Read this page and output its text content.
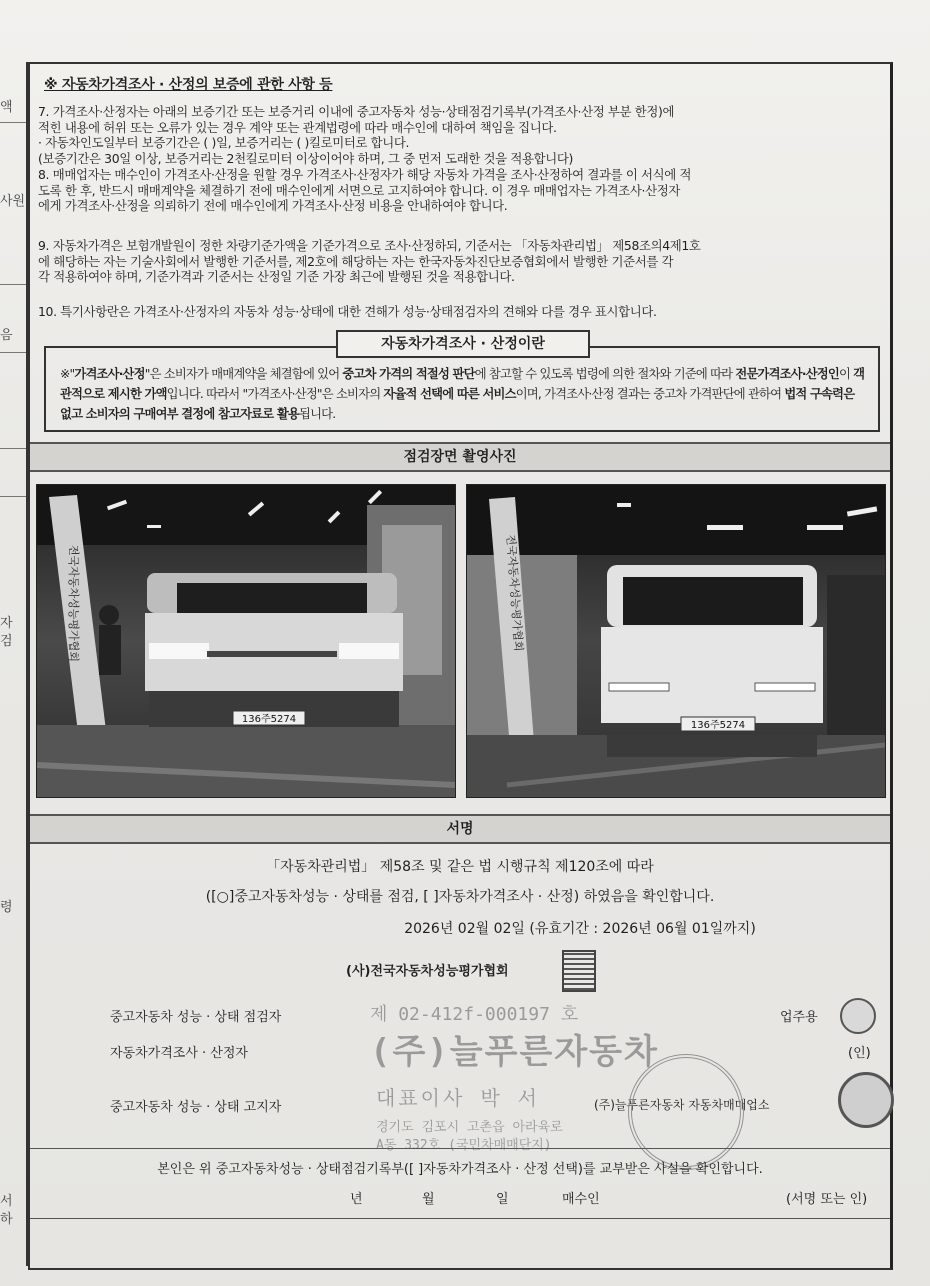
액
사원
음
자
검
령
서
하
※ 자동차가격조사 · 산정의 보증에 관한 사항 등
7. 가격조사·산정자는 아래의 보증기간 또는 보증거리 이내에 중고자동차 성능·상태점검기록부(가격조사·산정 부분 한정)에
적힌 내용에 허위 또는 오류가 있는 경우 계약 또는 관계법령에 따라 매수인에 대하여 책임을 집니다.
· 자동차인도일부터 보증기간은 ( )일, 보증거리는 ( )킬로미터로 합니다.
(보증기간은 30일 이상, 보증거리는 2천킬로미터 이상이어야 하며, 그 중 먼저 도래한 것을 적용합니다)
8. 매매업자는 매수인이 가격조사·산정을 원할 경우 가격조사·산정자가 해당 자동차 가격을 조사·산정하여 결과를 이 서식에 적
도록 한 후, 반드시 매매계약을 체결하기 전에 매수인에게 서면으로 고지하여야 합니다. 이 경우 매매업자는 가격조사·산정자
에게 가격조사·산정을 의뢰하기 전에 매수인에게 가격조사·산정 비용을 안내하여야 합니다.
9. 자동차가격은 보험개발원이 정한 차량기준가액을 기준가격으로 조사·산정하되, 기준서는 「자동차관리법」 제58조의4제1호
에 해당하는 자는 기술사회에서 발행한 기준서를, 제2호에 해당하는 자는 한국자동차진단보증협회에서 발행한 기준서를 각
각 적용하여야 하며, 기준가격과 기준서는 산정일 기준 가장 최근에 발행된 것을 적용합니다.
10. 특기사항란은 가격조사·산정자의 자동차 성능·상태에 대한 견해가 성능·상태점검자의 견해와 다를 경우 표시합니다.
※"가격조사·산정"은 소비자가 매매계약을 체결함에 있어 중고차 가격의 적절성 판단에 참고할 수 있도록 법령에 의한 절차와 기준에 따라 전문가격조사·산정인이 객관적으로 제시한 가액입니다. 따라서 "가격조사·산정"은 소비자의 자율적 선택에 따른 서비스이며, 가격조사·산정 결과는 중고차 가격판단에 관하여 법적 구속력은 없고 소비자의 구매여부 결정에 참고자료로 활용됩니다.
자동차가격조사 · 산정이란
점검장면 촬영사진
136주5274
전국자동차성능평가협회
136주5274
전국자동차성능평가협회
서명
「자동차관리법」 제58조 및 같은 법 시행규칙 제120조에 따라
([○]중고자동차성능 · 상태를 점검, [ ]자동차가격조사 · 산정) 하였음을 확인합니다.
2026년 02월 02일 (유효기간 : 2026년 06월 01일까지)
(사)전국자동차성능평가협회
중고자동차 성능 · 상태 점검자	제 02-412f-000197 호	업주용
자동차가격조사 · 산정자	(주)늘푸른자동차	(인)
중고자동차 성능 · 상태 고지자	대표이사 박 서	(주)늘푸른자동차 자동차매매업소
경기도 김포시 고촌읍 아라육로
A동 332호 (국민차매매단지)
본인은 위 중고자동차성능 · 상태점검기록부([ ]자동차가격조사 · 산정 선택)를 교부받은 사실을 확인합니다.
년	월	일	매수인	(서명 또는 인)
